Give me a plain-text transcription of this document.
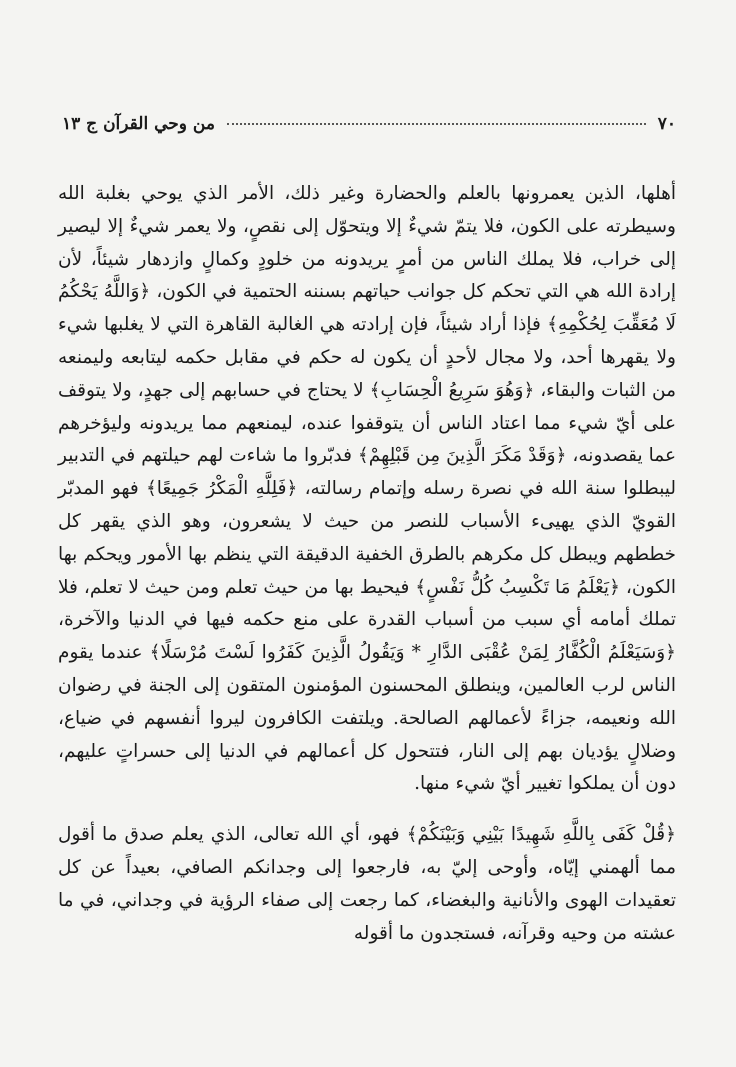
٧٠
من وحي القرآن ج ١٣

أهلها، الذين يعمرونها بالعلم والحضارة وغير ذلك، الأمر الذي يوحي بغلبة الله وسيطرته على الكون، فلا يتمّ شيءٌ إلا ويتحوّل إلى نقصٍ، ولا يعمر شيءٌ إلا ليصير إلى خراب، فلا يملك الناس من أمرٍ يريدونه من خلودٍ وكمالٍ وازدهار شيئاً، لأن إرادة الله هي التي تحكم كل جوانب حياتهم بسننه الحتمية في الكون، ﴿وَاللَّهُ يَحْكُمُ لَا مُعَقِّبَ لِحُكْمِهِ﴾ فإذا أراد شيئاً، فإن إرادته هي الغالبة القاهرة التي لا يغلبها شيء ولا يقهرها أحد، ولا مجال لأحدٍ أن يكون له حكم في مقابل حكمه ليتابعه وليمنعه من الثبات والبقاء، ﴿وَهُوَ سَرِيعُ الْحِسَابِ﴾ لا يحتاج في حسابهم إلى جهدٍ، ولا يتوقف على أيّ شيء مما اعتاد الناس أن يتوقفوا عنده، ليمنعهم مما يريدونه وليؤخرهم عما يقصدونه، ﴿وَقَدْ مَكَرَ الَّذِينَ مِن قَبْلِهِمْ﴾ فدبّروا ما شاءت لهم حيلتهم في التدبير ليبطلوا سنة الله في نصرة رسله وإتمام رسالته، ﴿فَلِلَّهِ الْمَكْرُ جَمِيعًا﴾ فهو المدبّر القويّ الذي يهيىء الأسباب للنصر من حيث لا يشعرون، وهو الذي يقهر كل خططهم ويبطل كل مكرهم بالطرق الخفية الدقيقة التي ينظم بها الأمور ويحكم بها الكون، ﴿يَعْلَمُ مَا تَكْسِبُ كُلُّ نَفْسٍ﴾ فيحيط بها من حيث تعلم ومن حيث لا تعلم، فلا تملك أمامه أي سبب من أسباب القدرة على منع حكمه فيها في الدنيا والآخرة، ﴿وَسَيَعْلَمُ الْكُفَّارُ لِمَنْ عُقْبَى الدَّارِ * وَيَقُولُ الَّذِينَ كَفَرُوا لَسْتَ مُرْسَلًا﴾ عندما يقوم الناس لرب العالمين، وينطلق المحسنون المؤمنون المتقون إلى الجنة في رضوان الله ونعيمه، جزاءً لأعمالهم الصالحة. ويلتفت الكافرون ليروا أنفسهم في ضياع، وضلالٍ يؤديان بهم إلى النار، فتتحول كل أعمالهم في الدنيا إلى حسراتٍ عليهم، دون أن يملكوا تغيير أيّ شيء منها.

﴿قُلْ كَفَى بِاللَّهِ شَهِيدًا بَيْنِي وَبَيْنَكُمْ﴾ فهو، أي الله تعالى، الذي يعلم صدق ما أقول مما ألهمني إيّاه، وأوحى إليّ به، فارجعوا إلى وجدانكم الصافي، بعيداً عن كل تعقيدات الهوى والأنانية والبغضاء، كما رجعت إلى صفاء الرؤية في وجداني، في ما عشته من وحيه وقرآنه، فستجدون ما أقوله
